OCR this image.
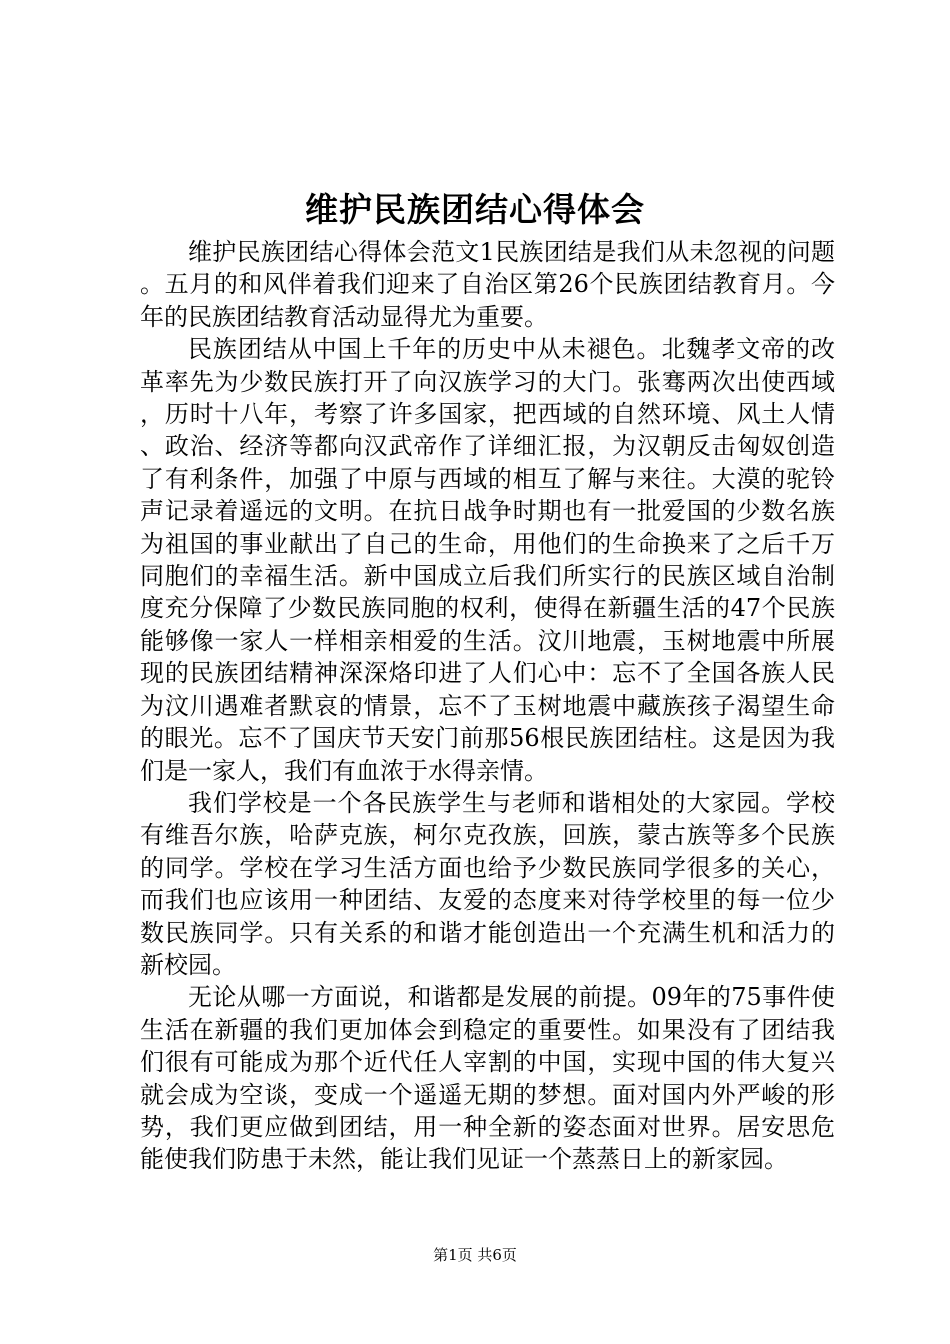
维护民族团结心得体会

维护民族团结心得体会范文1民族团结是我们从未忽视的问题。五月的和风伴着我们迎来了自治区第26个民族团结教育月。今年的民族团结教育活动显得尤为重要。

民族团结从中国上千年的历史中从未褪色。北魏孝文帝的改革率先为少数民族打开了向汉族学习的大门。张骞两次出使西域，历时十八年，考察了许多国家，把西域的自然环境、风土人情、政治、经济等都向汉武帝作了详细汇报，为汉朝反击匈奴创造了有利条件，加强了中原与西域的相互了解与来往。大漠的驼铃声记录着遥远的文明。在抗日战争时期也有一批爱国的少数名族为祖国的事业献出了自己的生命，用他们的生命换来了之后千万同胞们的幸福生活。新中国成立后我们所实行的民族区域自治制度充分保障了少数民族同胞的权利，使得在新疆生活的47个民族能够像一家人一样相亲相爱的生活。汶川地震，玉树地震中所展现的民族团结精神深深烙印进了人们心中：忘不了全国各族人民为汶川遇难者默哀的情景，忘不了玉树地震中藏族孩子渴望生命的眼光。忘不了国庆节天安门前那56根民族团结柱。这是因为我们是一家人，我们有血浓于水得亲情。

我们学校是一个各民族学生与老师和谐相处的大家园。学校有维吾尔族，哈萨克族，柯尔克孜族，回族，蒙古族等多个民族的同学。学校在学习生活方面也给予少数民族同学很多的关心，而我们也应该用一种团结、友爱的态度来对待学校里的每一位少数民族同学。只有关系的和谐才能创造出一个充满生机和活力的新校园。

无论从哪一方面说，和谐都是发展的前提。09年的75事件使生活在新疆的我们更加体会到稳定的重要性。如果没有了团结我们很有可能成为那个近代任人宰割的中国，实现中国的伟大复兴就会成为空谈，变成一个遥遥无期的梦想。面对国内外严峻的形势，我们更应做到团结，用一种全新的姿态面对世界。居安思危能使我们防患于未然，能让我们见证一个蒸蒸日上的新家园。

第1页 共6页
